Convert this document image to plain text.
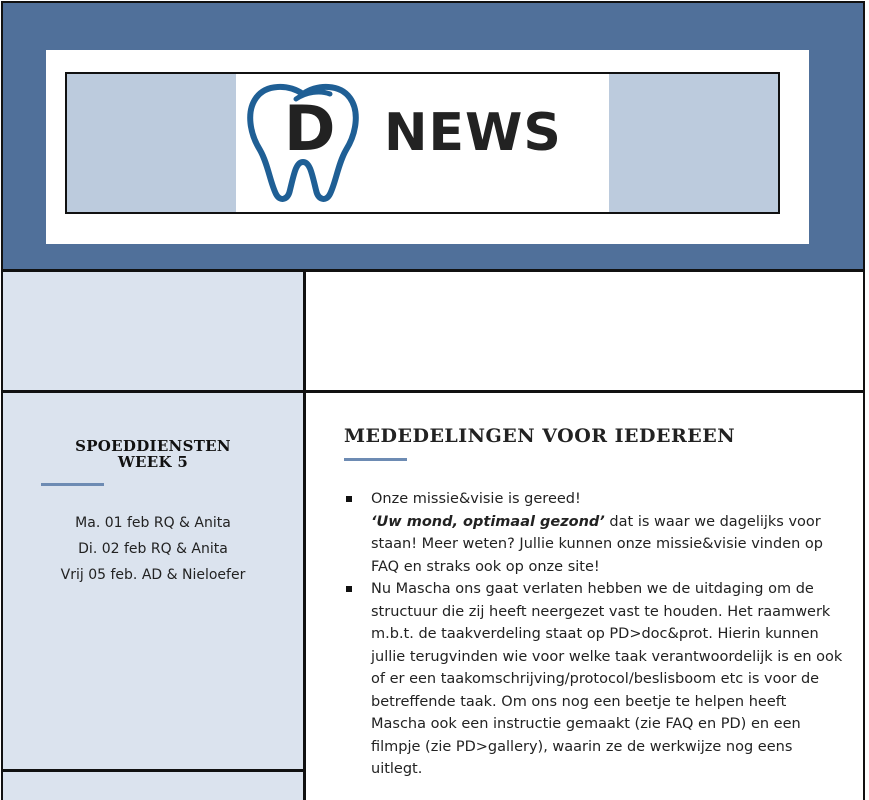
D NEWS
SPOEDDIENSTEN
WEEK 5
Ma. 01 feb RQ & Anita
Di. 02 feb RQ & Anita
Vrij 05 feb. AD & Nieloefer
MEDEDELINGEN VOOR IEDEREEN
Onze missie&visie is gereed!
‘Uw mond, optimaal gezond’ dat is waar we dagelijks voor staan! Meer weten? Jullie kunnen onze missie&visie vinden op FAQ en straks ook op onze site!
Nu Mascha ons gaat verlaten hebben we de uitdaging om de structuur die zij heeft neergezet vast te houden. Het raamwerk m.b.t. de taakverdeling staat op PD>doc&prot. Hierin kunnen jullie terugvinden wie voor welke taak verantwoordelijk is en ook of er een taakomschrijving/protocol/beslisboom etc is voor de betreffende taak. Om ons nog een beetje te helpen heeft Mascha ook een instructie gemaakt (zie FAQ en PD) en een filmpje (zie PD>gallery), waarin ze de werkwijze nog eens uitlegt.
